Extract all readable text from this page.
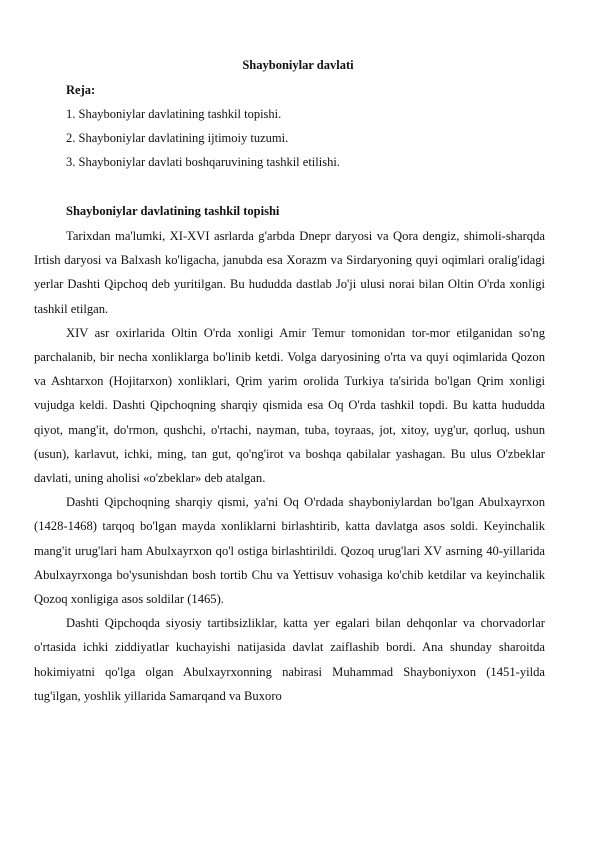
Shayboniylar davlati
Reja:
1. Shayboniylar davlatining tashkil topishi.
2. Shayboniylar davlatining ijtimoiy tuzumi.
3. Shayboniylar davlati boshqaruvining tashkil etilishi.
Shayboniylar davlatining tashkil topishi

Tarixdan ma'lumki, XI-XVI asrlarda g'arbda Dnepr daryosi va Qora dengiz, shimoli-sharqda Irtish daryosi va Balxash ko'ligacha, janubda esa Xorazm va Sirdaryoning quyi oqimlari oralig'idagi yerlar Dashti Qipchoq deb yuritilgan. Bu hududda dastlab Jo'ji ulusi norai bilan Oltin O'rda xonligi tashkil etilgan.

XIV asr oxirlarida Oltin O'rda xonligi Amir Temur tomonidan tor-mor etilganidan so'ng parchalanib, bir necha xonliklarga bo'linib ketdi. Volga daryosining o'rta va quyi oqimlarida Qozon va Ashtarxon (Hojitarxon) xonliklari, Qrim yarim orolida Turkiya ta'sirida bo'lgan Qrim xonligi vujudga keldi. Dashti Qipchoqning sharqiy qismida esa Oq O'rda tashkil topdi. Bu katta hududda qiyot, mang'it, do'rmon, qushchi, o'rtachi, nayman, tuba, toyraas, jot, xitoy, uyg'ur, qorluq, ushun (usun), karlavut, ichki, ming, tan gut, qo'ng'irot va boshqa qabilalar yashagan. Bu ulus O'zbeklar davlati, uning aholisi «o'zbeklar» deb atalgan.

Dashti Qipchoqning sharqiy qismi, ya'ni Oq O'rdada shayboniylardan bo'lgan Abulxayrxon (1428-1468) tarqoq bo'lgan mayda xonliklarni birlashtirib, katta davlatga asos soldi. Keyinchalik mang'it urug'lari ham Abulxayrxon qo'l ostiga birlashtirildi. Qozoq urug'lari XV asrning 40-yillarida Abulxayrxonga bo'ysunishdan bosh tortib Chu va Yettisuv vohasiga ko'chib ketdilar va keyinchalik Qozoq xonligiga asos soldilar (1465).

Dashti Qipchoqda siyosiy tartibsizliklar, katta yer egalari bilan dehqonlar va chorvadorlar o'rtasida ichki ziddiyatlar kuchayishi natijasida davlat zaiflashib bordi. Ana shunday sharoitda hokimiyatni qo'lga olgan Abulxayrxonning nabirasi Muhammad Shayboniyxon (1451-yilda tug'ilgan, yoshlik yillarida Samarqand va Buxoro
